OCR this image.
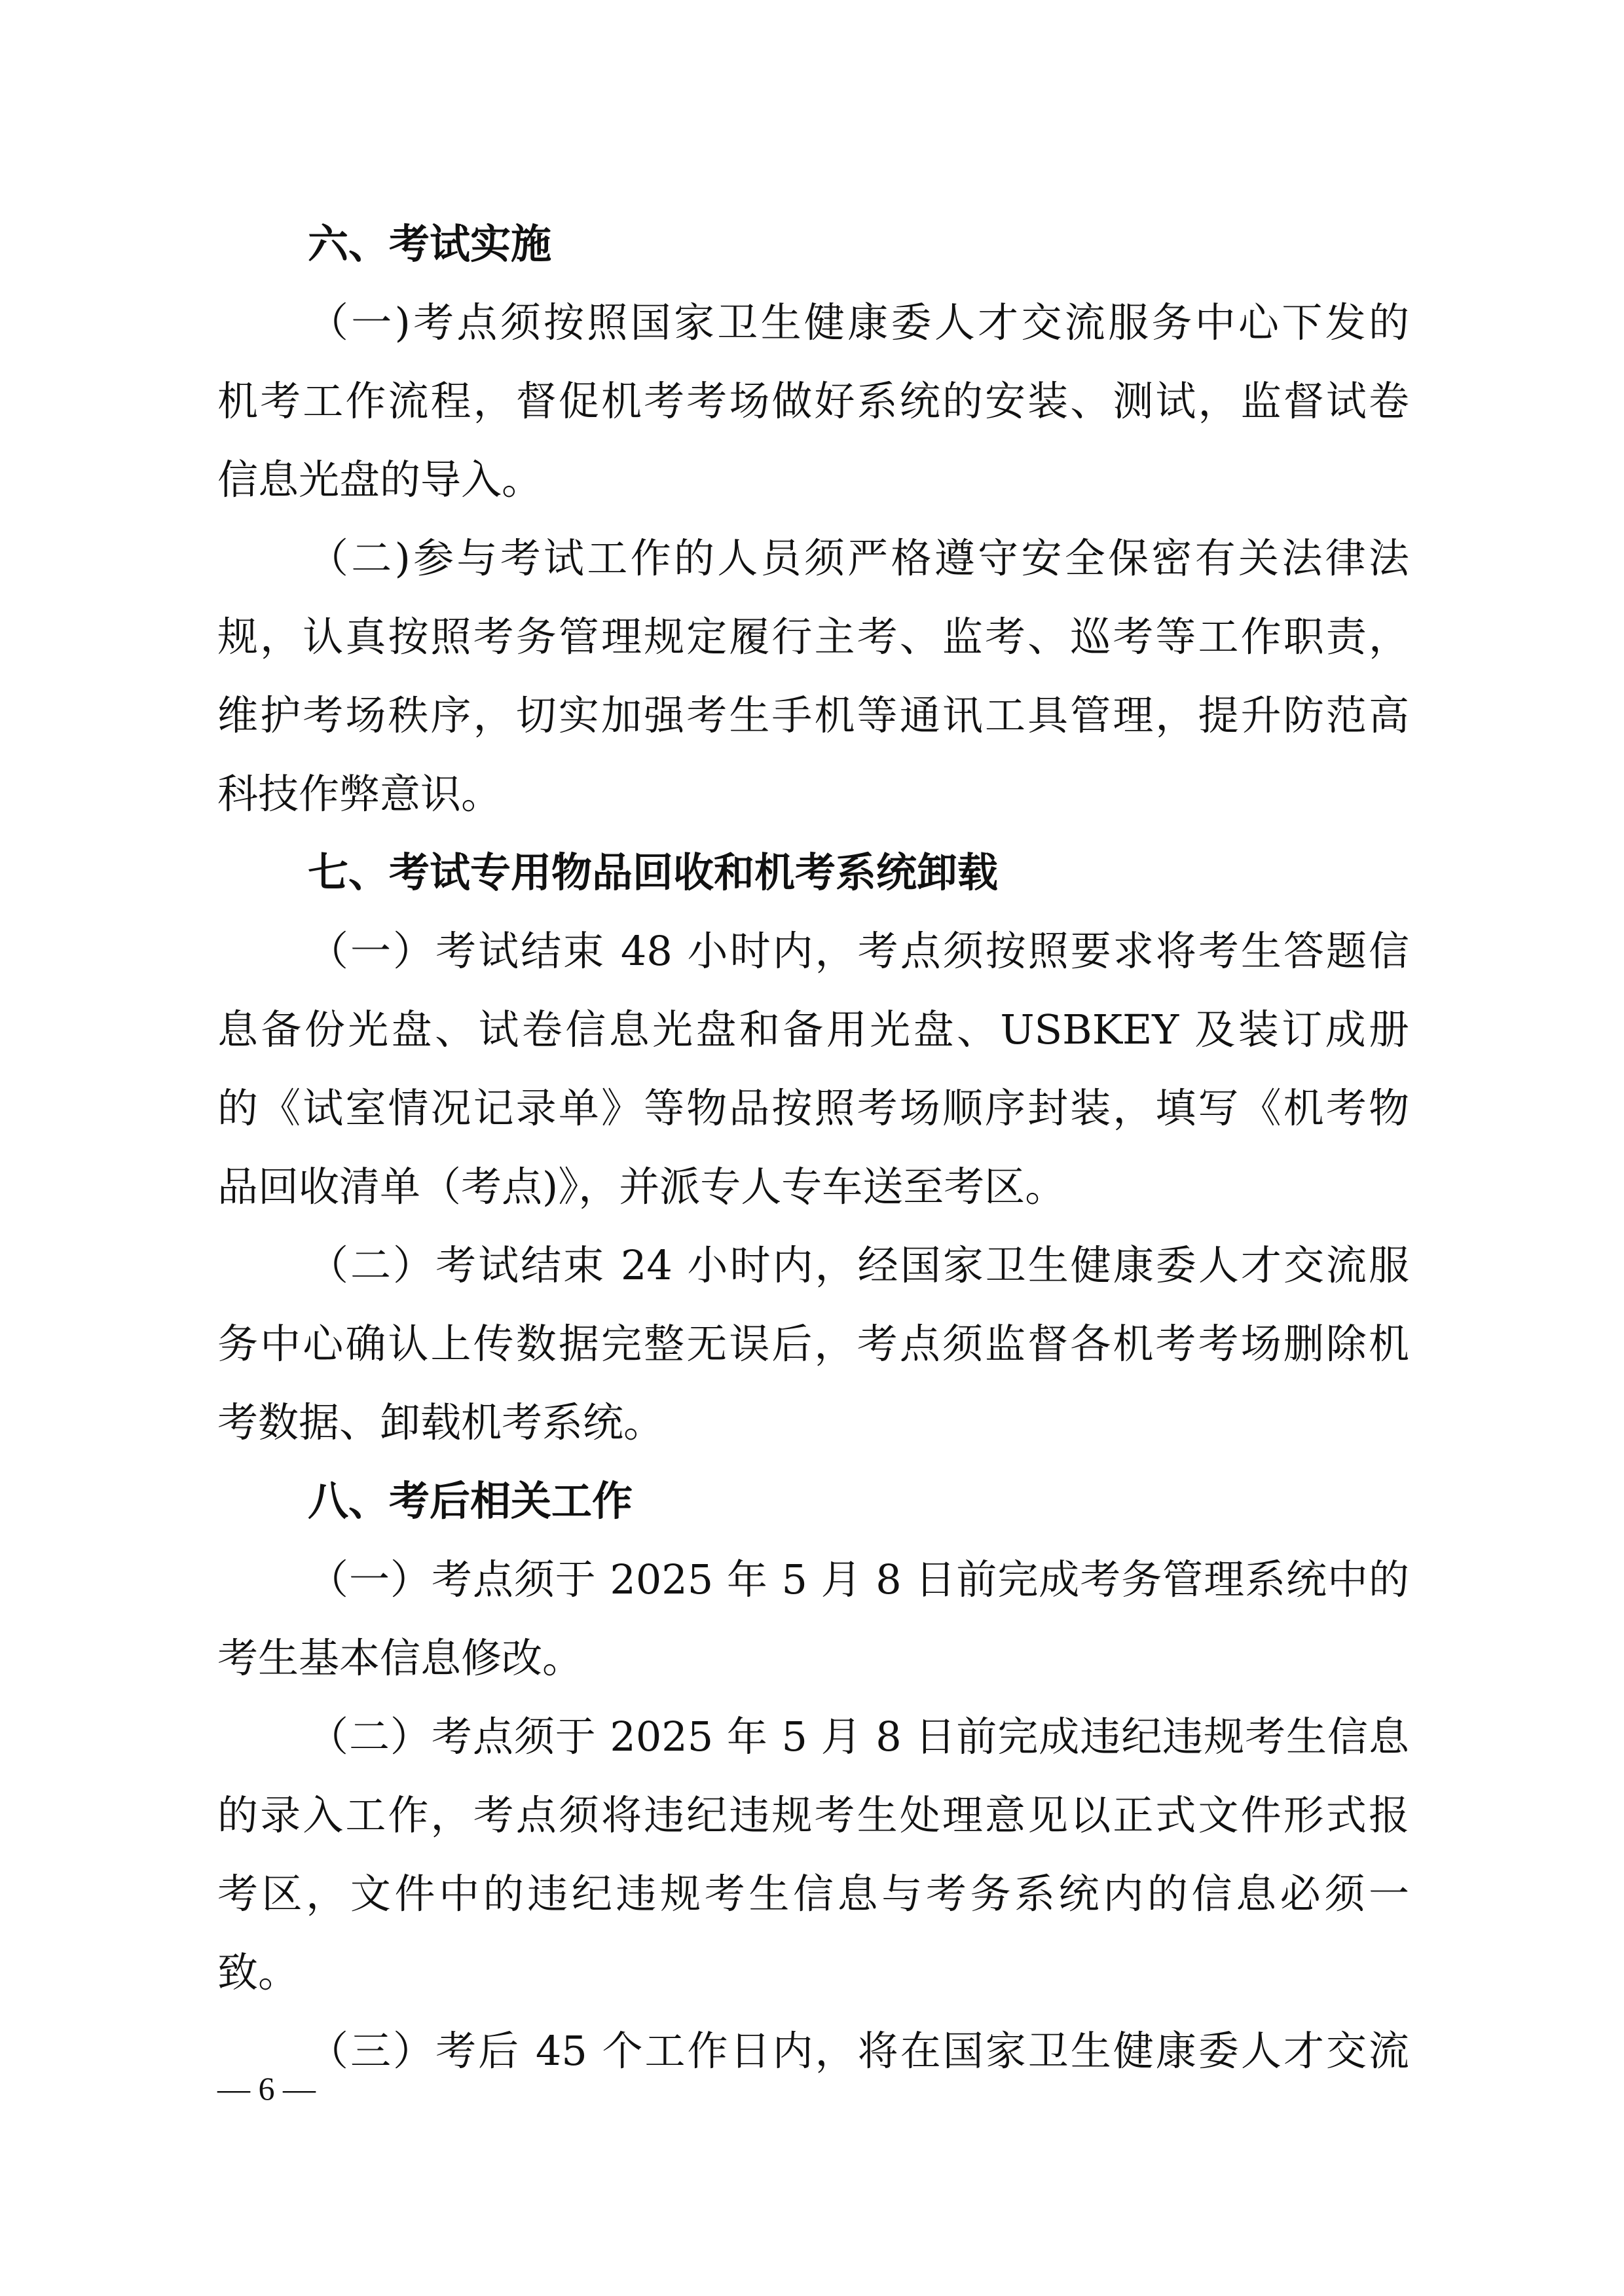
六、考试实施
（一)考点须按照国家卫生健康委人才交流服务中心下发的
机考工作流程，督促机考考场做好系统的安装、测试，监督试卷
信息光盘的导入。
（二)参与考试工作的人员须严格遵守安全保密有关法律法
规，认真按照考务管理规定履行主考、监考、巡考等工作职责，
维护考场秩序，切实加强考生手机等通讯工具管理，提升防范高
科技作弊意识。
七、考试专用物品回收和机考系统卸载
（一）考试结束 48 小时内，考点须按照要求将考生答题信
息备份光盘、试卷信息光盘和备用光盘、USBKEY 及装订成册
的《试室情况记录单》等物品按照考场顺序封装，填写《机考物
品回收清单（考点)》，并派专人专车送至考区。
（二）考试结束 24 小时内，经国家卫生健康委人才交流服
务中心确认上传数据完整无误后，考点须监督各机考考场删除机
考数据、卸载机考系统。
八、考后相关工作
（一）考点须于 2025 年 5 月 8 日前完成考务管理系统中的
考生基本信息修改。
（二）考点须于 2025 年 5 月 8 日前完成违纪违规考生信息
的录入工作，考点须将违纪违规考生处理意见以正式文件形式报
考区，文件中的违纪违规考生信息与考务系统内的信息必须一
致。
（三）考后 45 个工作日内，将在国家卫生健康委人才交流
— 6 —
